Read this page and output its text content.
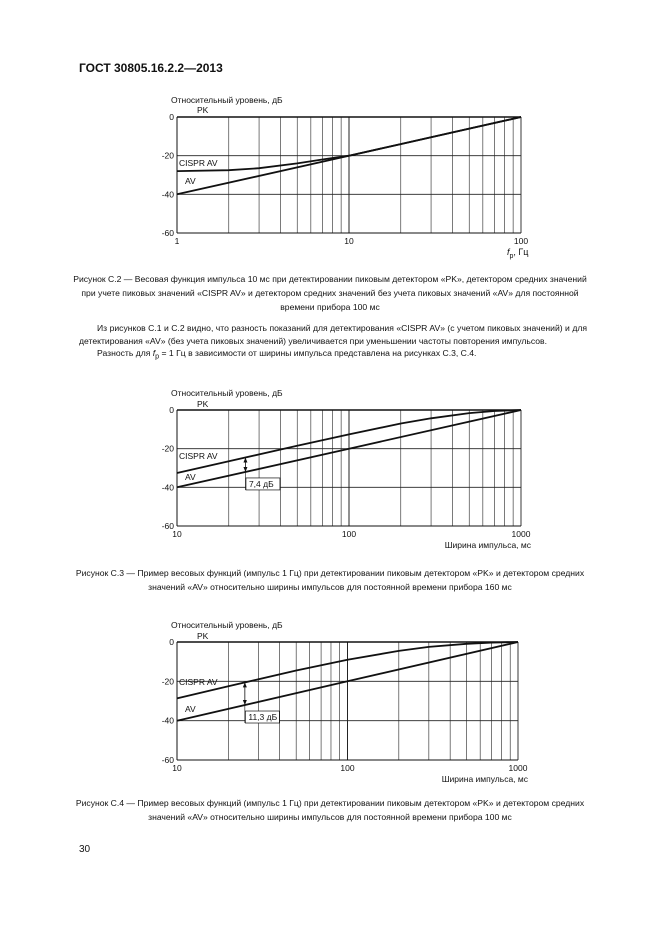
ГОСТ 30805.16.2.2—2013
0
-20
-40
-60
1	10	100
Относительный уровень, дБ
$f_p$, Гц
PK
CISPR AV
AV
Рисунок С.2 — Весовая функция импульса 10 мс при детектировании пиковым детектором «PK», детектором средних значений при учете пиковых значений «CISPR AV» и детектором средних значений без учета пиковых значений «AV» для постоянной времени прибора 100 мс

Из рисунков С.1 и С.2 видно, что разность показаний для детектирования «CISPR AV» (с учетом пиковых значений) и для детектирования «AV» (без учета пиковых значений) увеличивается при уменьшении частоты повторения импульсов.

Разность для $f_p = 1$ Гц в зависимости от ширины импульса представлена на рисунках С.3, С.4.

0
-20
-40
-60
10	100	1000
Относительный уровень, дБ
Ширина импульса, мс
PK
CISPR AV
AV
7,4 дБ
Рисунок С.3 — Пример весовых функций (импульс 1 Гц) при детектировании пиковым детектором «PK» и детектором средних значений «AV» относительно ширины импульсов для постоянной времени прибора 160 мс
0
-20
-40
-60
10	100	1000
Относительный уровень, дБ
Ширина импульса, мс
PK
CISPR AV
AV
11,3 дБ
Рисунок С.4 — Пример весовых функций (импульс 1 Гц) при детектировании пиковым детектором «PK» и детектором средних значений «AV» относительно ширины импульсов для постоянной времени прибора 100 мс
30
